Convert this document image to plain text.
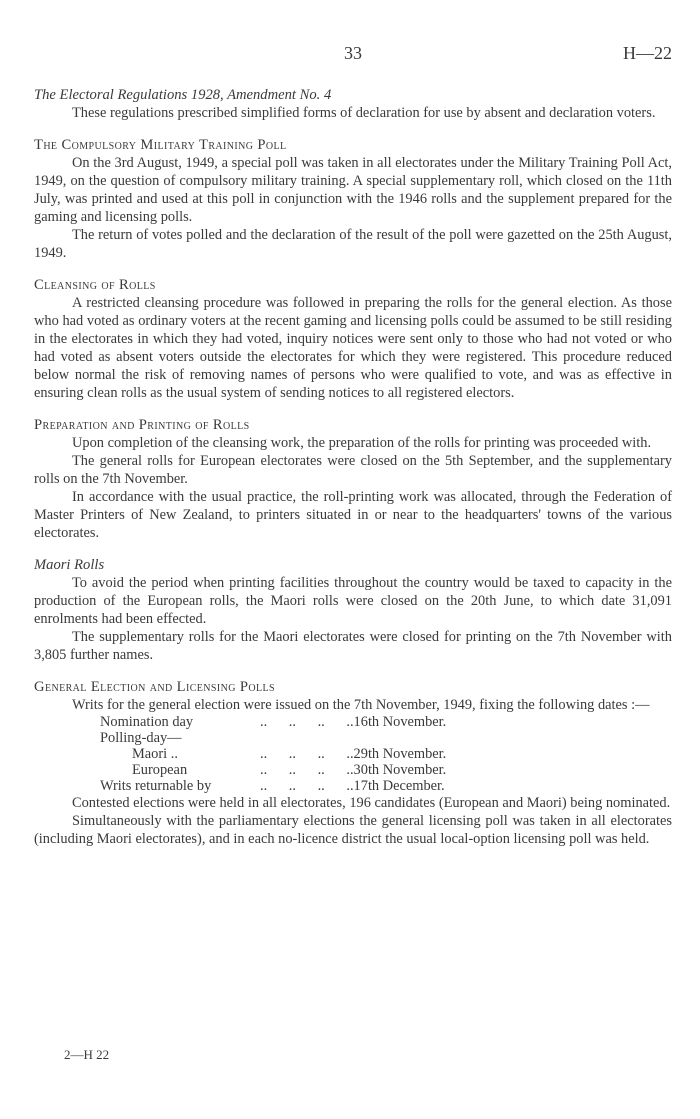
33	H—22
The Electoral Regulations 1928, Amendment No. 4

These regulations prescribed simplified forms of declaration for use by absent and declaration voters.

The Compulsory Military Training Poll

On the 3rd August, 1949, a special poll was taken in all electorates under the Military Training Poll Act, 1949, on the question of compulsory military training. A special supplementary roll, which closed on the 11th July, was printed and used at this poll in conjunction with the 1946 rolls and the supplement prepared for the gaming and licensing polls.

The return of votes polled and the declaration of the result of the poll were gazetted on the 25th August, 1949.

Cleansing of Rolls

A restricted cleansing procedure was followed in preparing the rolls for the general election. As those who had voted as ordinary voters at the recent gaming and licensing polls could be assumed to be still residing in the electorates in which they had voted, inquiry notices were sent only to those who had not voted or who had voted as absent voters outside the electorates for which they were registered. This procedure reduced below normal the risk of removing names of persons who were qualified to vote, and was as effective in ensuring clean rolls as the usual system of sending notices to all registered electors.

Preparation and Printing of Rolls

Upon completion of the cleansing work, the preparation of the rolls for printing was proceeded with.

The general rolls for European electorates were closed on the 5th September, and the supplementary rolls on the 7th November.

In accordance with the usual practice, the roll-printing work was allocated, through the Federation of Master Printers of New Zealand, to printers situated in or near to the headquarters' towns of the various electorates.

Maori Rolls

To avoid the period when printing facilities throughout the country would be taxed to capacity in the production of the European rolls, the Maori rolls were closed on the 20th June, to which date 31,091 enrolments had been effected.

The supplementary rolls for the Maori electorates were closed for printing on the 7th November with 3,805 further names.

General Election and Licensing Polls

Writs for the general election were issued on the 7th November, 1949, fixing the following dates :—

Nomination day	..      ..      ..      ..	16th November.
Polling-day—		
Maori ..	..      ..      ..      ..	29th November.
European	..      ..      ..      ..	30th November.
Writs returnable by	..      ..      ..      ..	17th December.

Contested elections were held in all electorates, 196 candidates (European and Maori) being nominated.

Simultaneously with the parliamentary elections the general licensing poll was taken in all electorates (including Maori electorates), and in each no-licence district the usual local-option licensing poll was held.

2—H 22
